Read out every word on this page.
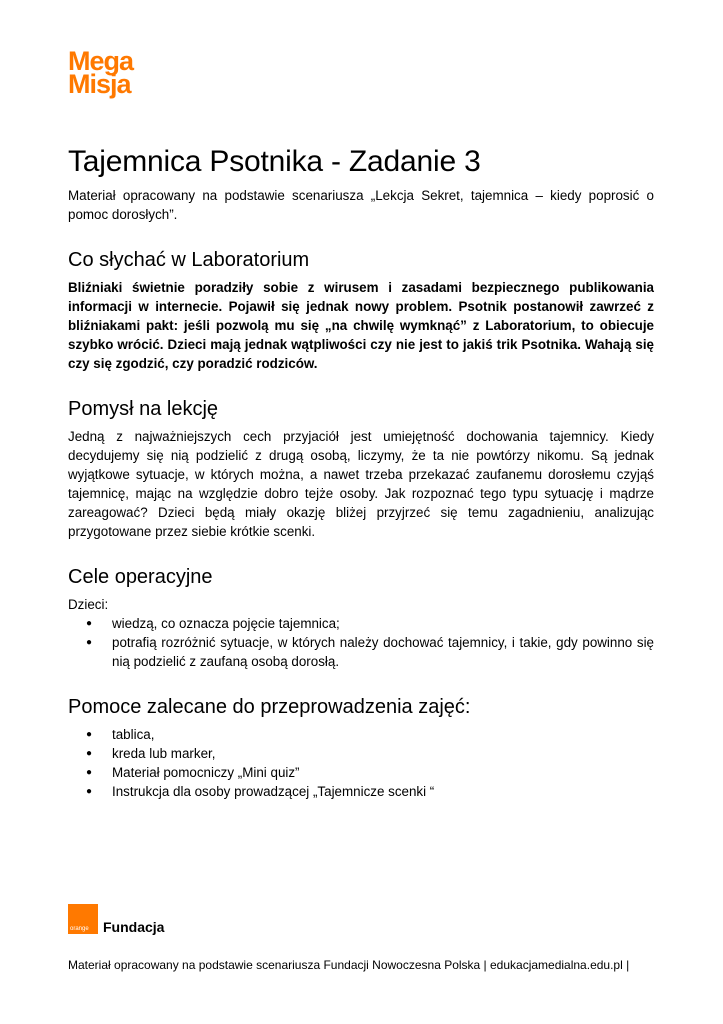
Mega
Misja
Tajemnica Psotnika - Zadanie 3

Materiał opracowany na podstawie scenariusza „Lekcja Sekret, tajemnica – kiedy poprosić o pomoc dorosłych”.

Co słychać w Laboratorium

Bliźniaki świetnie poradziły sobie z wirusem i zasadami bezpiecznego publikowania informacji w internecie. Pojawił się jednak nowy problem. Psotnik postanowił zawrzeć z bliźniakami pakt: jeśli pozwolą mu się „na chwilę wymknąć” z Laboratorium, to obiecuje szybko wrócić. Dzieci mają jednak wątpliwości czy nie jest to jakiś trik Psotnika. Wahają się czy się zgodzić, czy poradzić rodziców.

Pomysł na lekcję

Jedną z najważniejszych cech przyjaciół jest umiejętność dochowania tajemnicy. Kiedy decydujemy się nią podzielić z drugą osobą, liczymy, że ta nie powtórzy nikomu. Są jednak wyjątkowe sytuacje, w których można, a nawet trzeba przekazać zaufanemu dorosłemu czyjąś tajemnicę, mając na względzie dobro tejże osoby. Jak rozpoznać tego typu sytuację i mądrze zareagować? Dzieci będą miały okazję bliżej przyjrzeć się temu zagadnieniu, analizując przygotowane przez siebie krótkie scenki.

Cele operacyjne

Dzieci:

● wiedzą, co oznacza pojęcie tajemnica;
● potrafią rozróżnić sytuacje, w których należy dochować tajemnicy, i takie, gdy powinno się nią podzielić z zaufaną osobą dorosłą.
Pomoce zalecane do przeprowadzenia zajęć:
● tablica,
● kreda lub marker,
● Materiał pomocniczy „Mini quiz”
● Instrukcja dla osoby prowadzącej „Tajemnicze scenki “
orange Fundacja
Materiał opracowany na podstawie scenariusza Fundacji Nowoczesna Polska | edukacjamedialna.edu.pl |
